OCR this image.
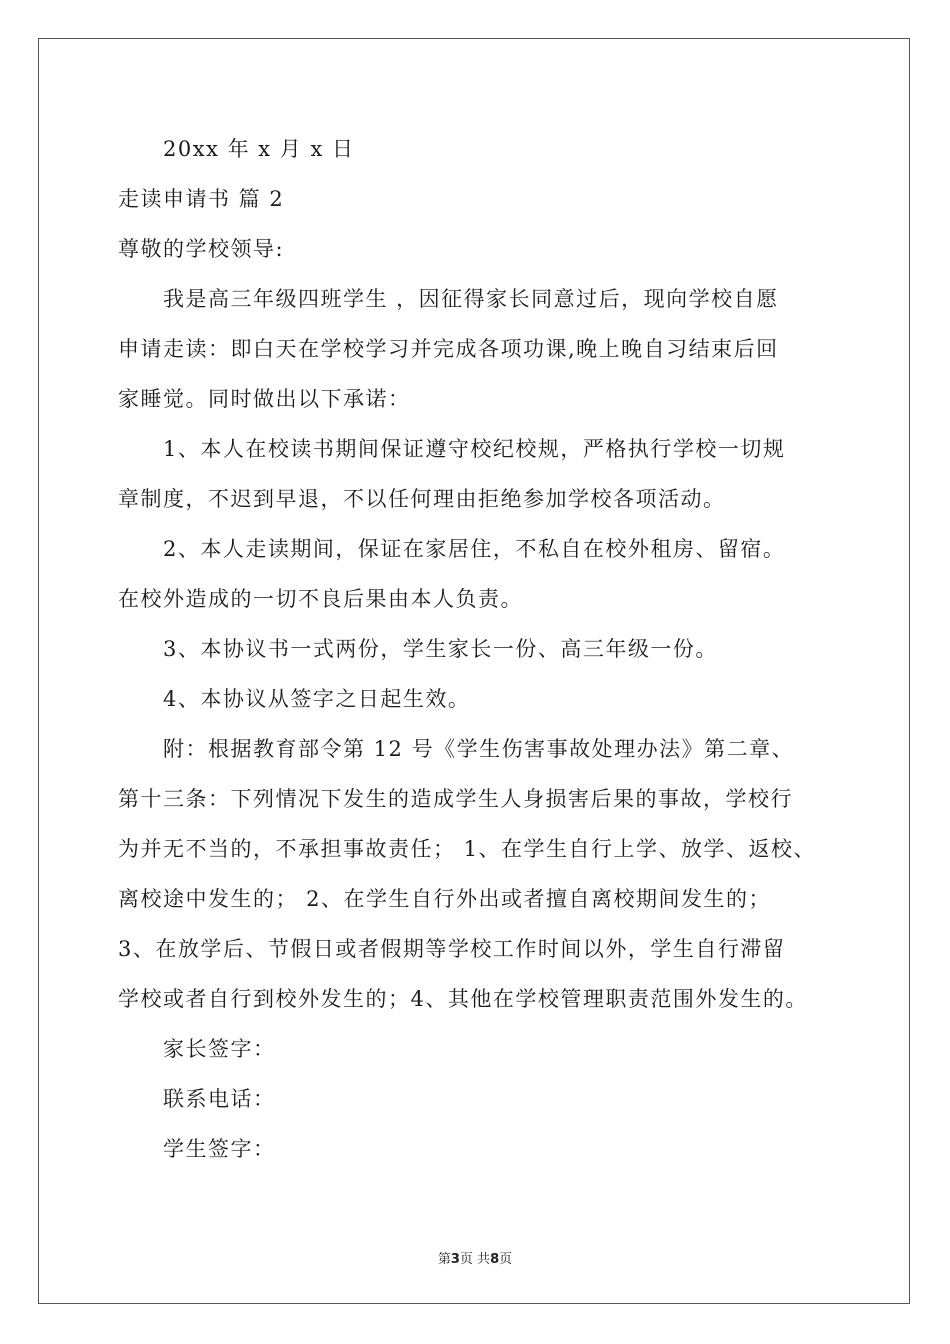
20xx 年 x 月 x 日
走读申请书 篇 2
尊敬的学校领导:
我是高三年级四班学生 ，因征得家长同意过后，现向学校自愿
申请走读：即白天在学校学习并完成各项功课,晚上晚自习结束后回
家睡觉。同时做出以下承诺：
1、本人在校读书期间保证遵守校纪校规，严格执行学校一切规
章制度，不迟到早退，不以任何理由拒绝参加学校各项活动。
2、本人走读期间，保证在家居住，不私自在校外租房、留宿。
在校外造成的一切不良后果由本人负责。
3、本协议书一式两份，学生家长一份、高三年级一份。
4、本协议从签字之日起生效。
附：根据教育部令第 12 号《学生伤害事故处理办法》第二章、
第十三条：下列情况下发生的造成学生人身损害后果的事故，学校行
为并无不当的，不承担事故责任； 1、在学生自行上学、放学、返校、
离校途中发生的； 2、在学生自行外出或者擅自离校期间发生的；
3、在放学后、节假日或者假期等学校工作时间以外，学生自行滞留
学校或者自行到校外发生的；4、其他在学校管理职责范围外发生的。
家长签字：
联系电话：
学生签字：
第3页 共8页
